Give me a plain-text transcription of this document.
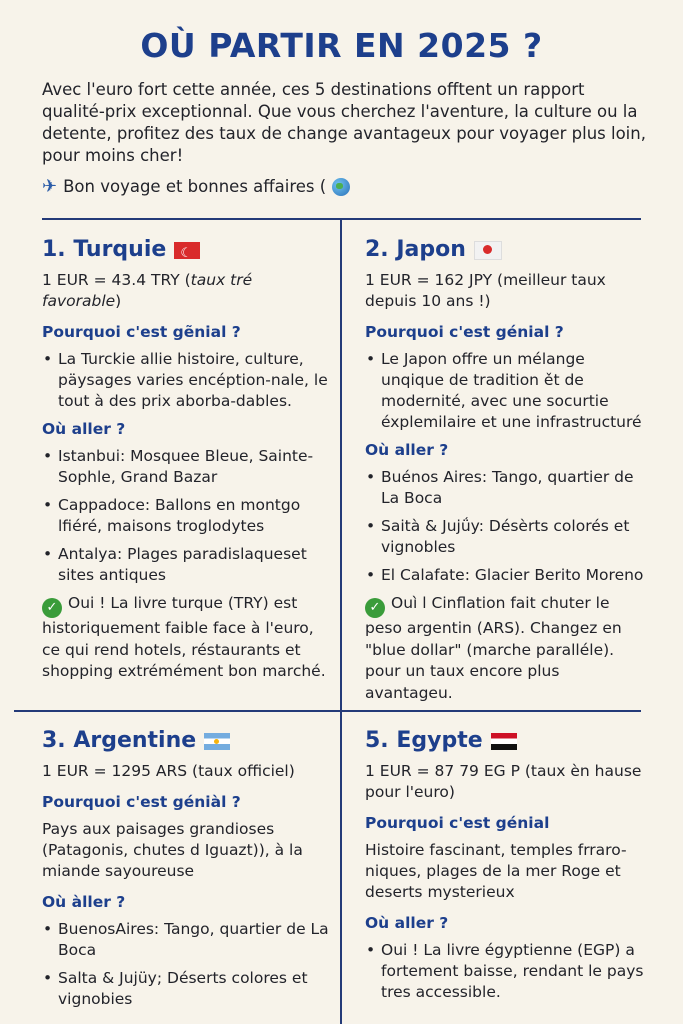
OÙ PARTIR EN 2025 ?
Avec l'euro fort cette année, ces 5 destinations offtent un rapport qualité-prix exceptionnal. Que vous cherchez l'aventure, la culture ou la detente, profitez des taux de change avantageux pour voyager plus loin, pour moins cher!
✈ Bon voyage et bonnes affaires (
1. Turquie
☾
1 EUR = 43.4 TRY (taux tré favorable)
Pourquoi c'est gẽnial ?
• La Turckie allie histoire, culture, päysages varies encéption-nale, le tout à des prix aborba-dables.
Où aller ?
• Istanbui: Mosquee Bleue, Sainte-Sophle, Grand Bazar
• Cappadoce: Ballons en montgo lfiéré, maisons troglodytes
• Antalya: Plages paradislaqueset sites antiques
✓ Oui ! La livre turque (TRY) est historiquement faible face à l'euro, ce qui rend hotels, réstaurants et shopping extrémément bon marché.
2. Japon
1 EUR = 162 JPY (meilleur taux depuis 10 ans !)
Pourquoi c'est génial ?
• Le Japon offre un mélange unqique de tradition ět de modernité, avec une socurtie éxplemilaire et une infrastructuré
Où aller ?
• Buénos Aires: Tango, quartier de La Boca
• Saità & Jujǘy: Désèrts colorés et vignobles
• El Calafate: Glacier Berito Moreno
✓ Ouì l Cinflation fait chuter le peso argentin (ARS). Changez en "blue dollar" (marche paralléle). pour un taux encore plus avantageu.
3. Argentine
1 EUR = 1295 ARS (taux officiel)
Pourquoi c'est géniàl ?
Pays aux paisages grandioses (Patagonis, chutes d Iguazt)), à la miande sayoureuse
Où àller ?
• BuenosAires: Tango, quartier de La Boca
• Salta & Jujüy; Déserts colores et vignobies
5. Egypte
1 EUR = 87 79 EG P (taux èn hause pour l'euro)
Pourquoi c'est génial
Histoire fascinant, temples frraro-niques, plages de la mer Roge et deserts mysterieux
Où aller ?
• Oui ! La livre égyptienne (EGP) a fortement baisse, rendant le pays tres accessible.
